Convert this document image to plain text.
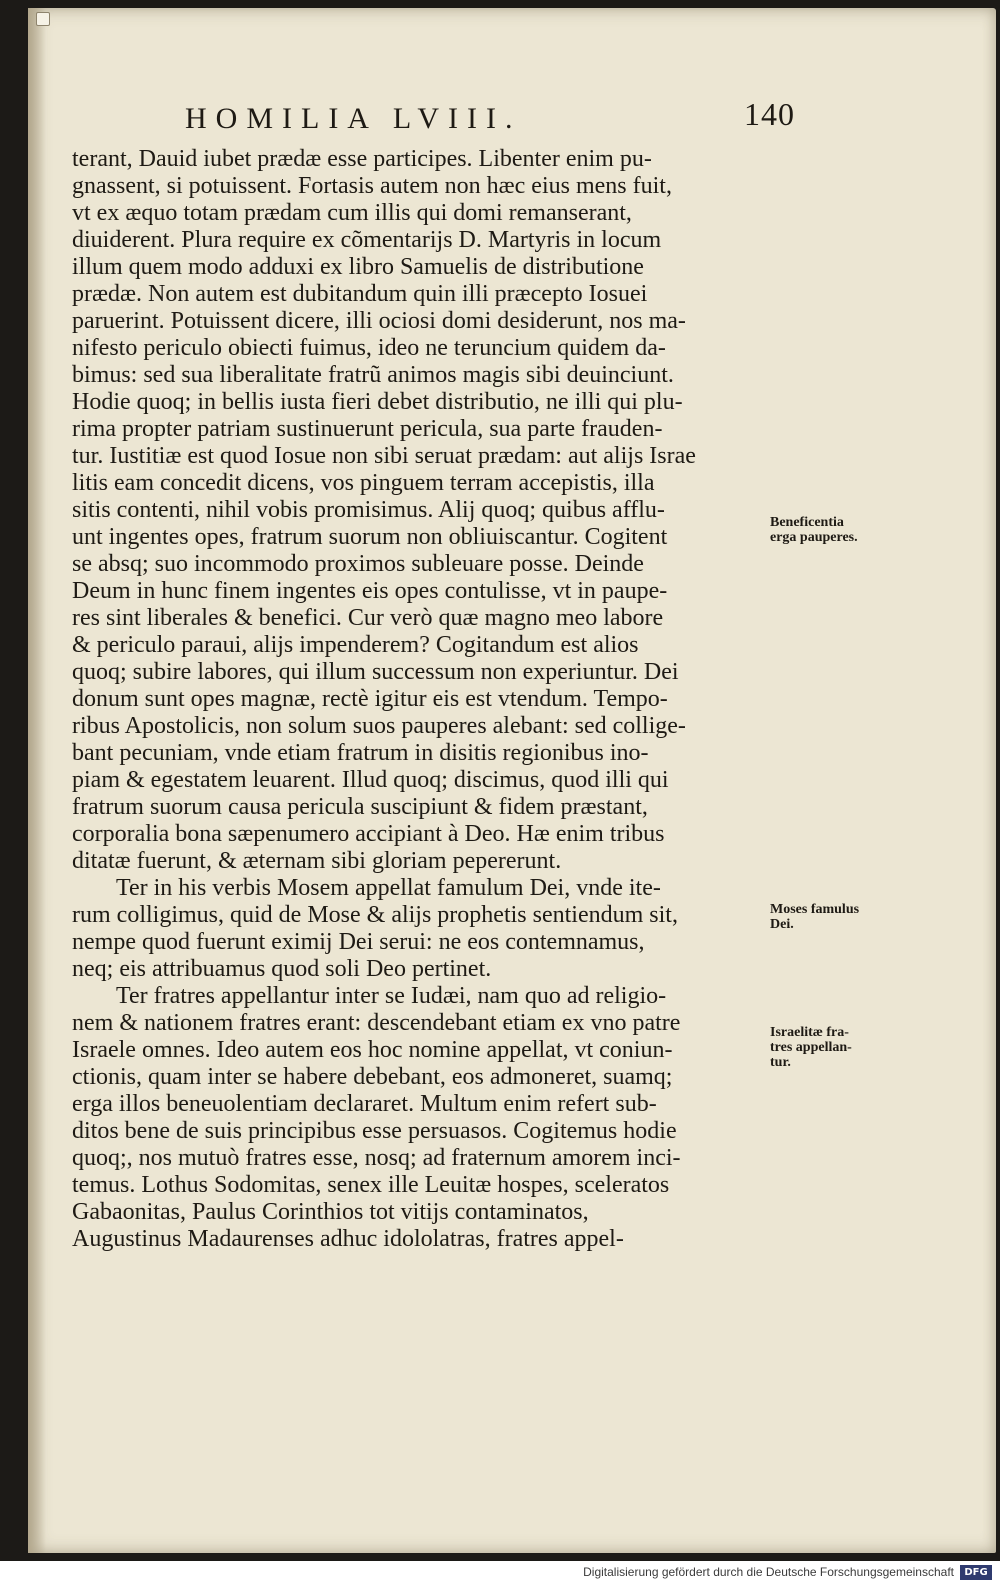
HOMILIA LVIII.	140
terant, Dauid iubet prædæ esse participes. Libenter enim pu-
gnassent, si potuissent. Fortasis autem non hæc eius mens fuit,
vt ex æquo totam prædam cum illis qui domi remanserant,
diuiderent. Plura require ex cõmentarijs D. Martyris in locum
illum quem modo adduxi ex libro Samuelis de distributione
prædæ. Non autem est dubitandum quin illi præcepto Iosuei
paruerint. Potuissent dicere, illi ociosi domi desiderunt, nos ma-
nifesto periculo obiecti fuimus, ideo ne teruncium quidem da-
bimus: sed sua liberalitate fratrũ animos magis sibi deuinciunt.
Hodie quoq; in bellis iusta fieri debet distributio, ne illi qui plu-
rima propter patriam sustinuerunt pericula, sua parte frauden-
tur. Iustitiæ est quod Iosue non sibi seruat prædam: aut alijs Israe
litis eam concedit dicens, vos pinguem terram accepistis, illa
sitis contenti, nihil vobis promisimus. Alij quoq; quibus afflu-
unt ingentes opes, fratrum suorum non obliuiscantur. Cogitent
se absq; suo incommodo proximos subleuare posse. Deinde
Deum in hunc finem ingentes eis opes contulisse, vt in paupe-
res sint liberales & benefici. Cur verò quæ magno meo labore
& periculo paraui, alijs impenderem? Cogitandum est alios
quoq; subire labores, qui illum successum non experiuntur. Dei
donum sunt opes magnæ, rectè igitur eis est vtendum. Tempo-
ribus Apostolicis, non solum suos pauperes alebant: sed collige-
bant pecuniam, vnde etiam fratrum in disitis regionibus ino-
piam & egestatem leuarent. Illud quoq; discimus, quod illi qui
fratrum suorum causa pericula suscipiunt & fidem præstant,
corporalia bona sæpenumero accipiant à Deo. Hæ enim tribus
ditatæ fuerunt, & æternam sibi gloriam pepererunt.
Ter in his verbis Mosem appellat famulum Dei, vnde ite-
rum colligimus, quid de Mose & alijs prophetis sentiendum sit,
nempe quod fuerunt eximij Dei serui: ne eos contemnamus,
neq; eis attribuamus quod soli Deo pertinet.
Ter fratres appellantur inter se Iudæi, nam quo ad religio-
nem & nationem fratres erant: descendebant etiam ex vno patre
Israele omnes. Ideo autem eos hoc nomine appellat, vt coniun-
ctionis, quam inter se habere debebant, eos admoneret, suamq;
erga illos beneuolentiam declararet. Multum enim refert sub-
ditos bene de suis principibus esse persuasos. Cogitemus hodie
quoq;, nos mutuò fratres esse, nosq; ad fraternum amorem inci-
temus. Lothus Sodomitas, senex ille Leuitæ hospes, sceleratos
Gabaonitas, Paulus Corinthios tot vitijs contaminatos,
Augustinus Madaurenses adhuc idololatras, fratres appel-
Beneficentia
erga pauperes.
Moses famulus
Dei.
Israelitæ fra-
tres appellan-
tur.
Digitalisierung gefördert durch die Deutsche Forschungsgemeinschaft	DFG
